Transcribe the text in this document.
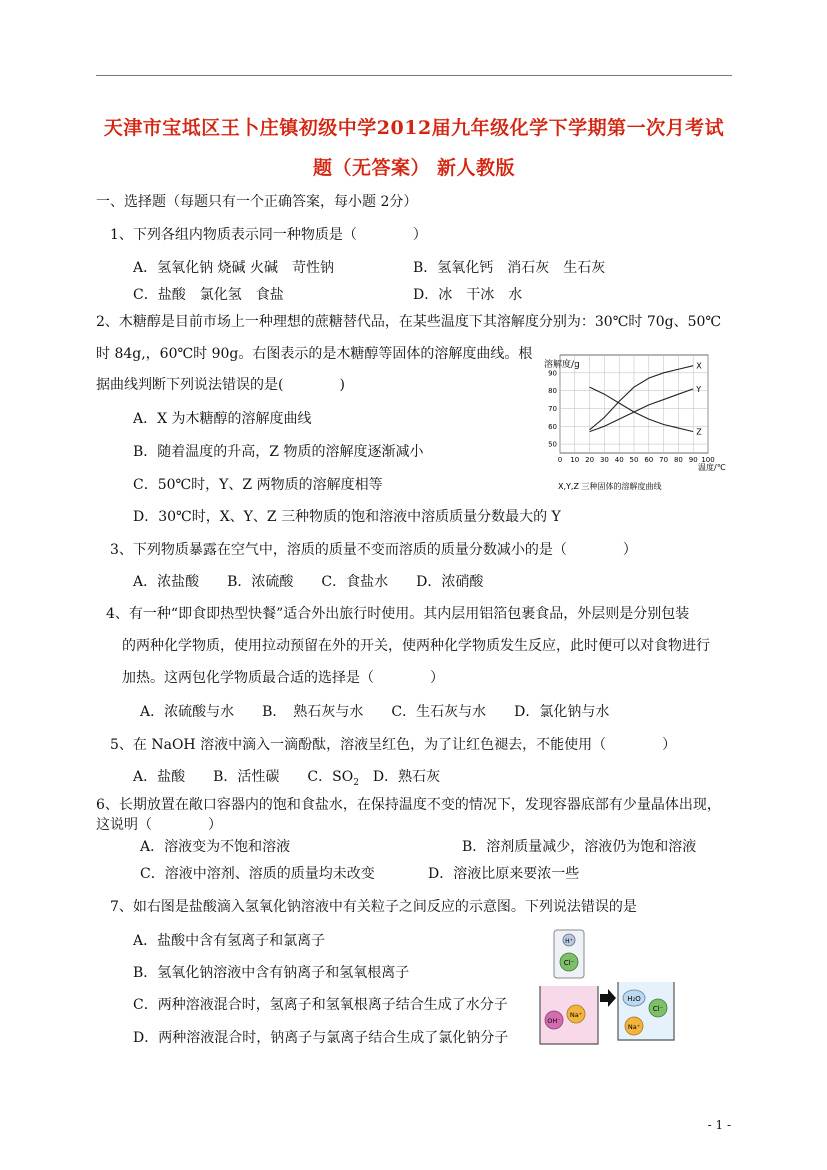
天津市宝坻区王卜庄镇初级中学2012届九年级化学下学期第一次月考试
题（无答案） 新人教版
一、选择题（每题只有一个正确答案，每小题 2分）
1、下列各组内物质表示同一种物质是（　　　　）
A．氢氧化钠 烧碱 火碱　苛性钠	B．氢氧化钙　消石灰　生石灰
C．盐酸　氯化氢　食盐	D．冰　干冰　水
2、木糖醇是目前市场上一种理想的蔗糖替代品，在某些温度下其溶解度分别为：30℃时 70g、50℃
时 84g,，60℃时 90g。右图表示的是木糖醇等固体的溶解度曲线。根
据曲线判断下列说法错误的是(　　　　)
A．X 为木糖醇的溶解度曲线
B．随着温度的升高，Z 物质的溶解度逐渐减小
C．50℃时，Y、Z 两物质的溶解度相等
D．30℃时，X、Y、Z 三种物质的饱和溶液中溶质质量分数最大的 Y
溶解度/g
0 10 20 30 40 50 60 70 80 90 100
50
60
70
80
90
X
Y
Z
温度/℃
X,Y,Z 三种固体的溶解度曲线
3、下列物质暴露在空气中，溶质的质量不变而溶质的质量分数减小的是（　　　　）
A．浓盐酸　　B．浓硫酸　　C．食盐水　　D．浓硝酸
4、有一种“即食即热型快餐”适合外出旅行时使用。其内层用铝箔包裹食品，外层则是分别包装
的两种化学物质，使用拉动预留在外的开关，使两种化学物质发生反应，此时便可以对食物进行
加热。这两包化学物质最合适的选择是（　　　　）
A．浓硫酸与水　　B．　熟石灰与水　　C．生石灰与水　　D．氯化钠与水
5、在 NaOH 溶液中滴入一滴酚酞，溶液呈红色，为了让红色褪去，不能使用（　　　　）
A．盐酸　　B．活性碳　　C．$SO_2$　D．熟石灰
6、长期放置在敞口容器内的饱和食盐水，在保持温度不变的情况下，发现容器底部有少量晶体出现，
这说明（　　　　）
A．溶液变为不饱和溶液	B．溶剂质量减少，溶液仍为饱和溶液
C．溶液中溶剂、溶质的质量均未改变	D．溶液比原来要浓一些
7、如右图是盐酸滴入氢氧化钠溶液中有关粒子之间反应的示意图。下列说法错误的是
A．盐酸中含有氢离子和氯离子
B．氢氧化钠溶液中含有钠离子和氢氧根离子
C．两种溶液混合时，氢离子和氢氧根离子结合生成了水分子
D．两种溶液混合时，钠离子与氯离子结合生成了氯化钠分子
H⁺
Cl⁻
OH⁻
Na⁺
H₂O
Cl⁻
Na⁺
- 1 -
